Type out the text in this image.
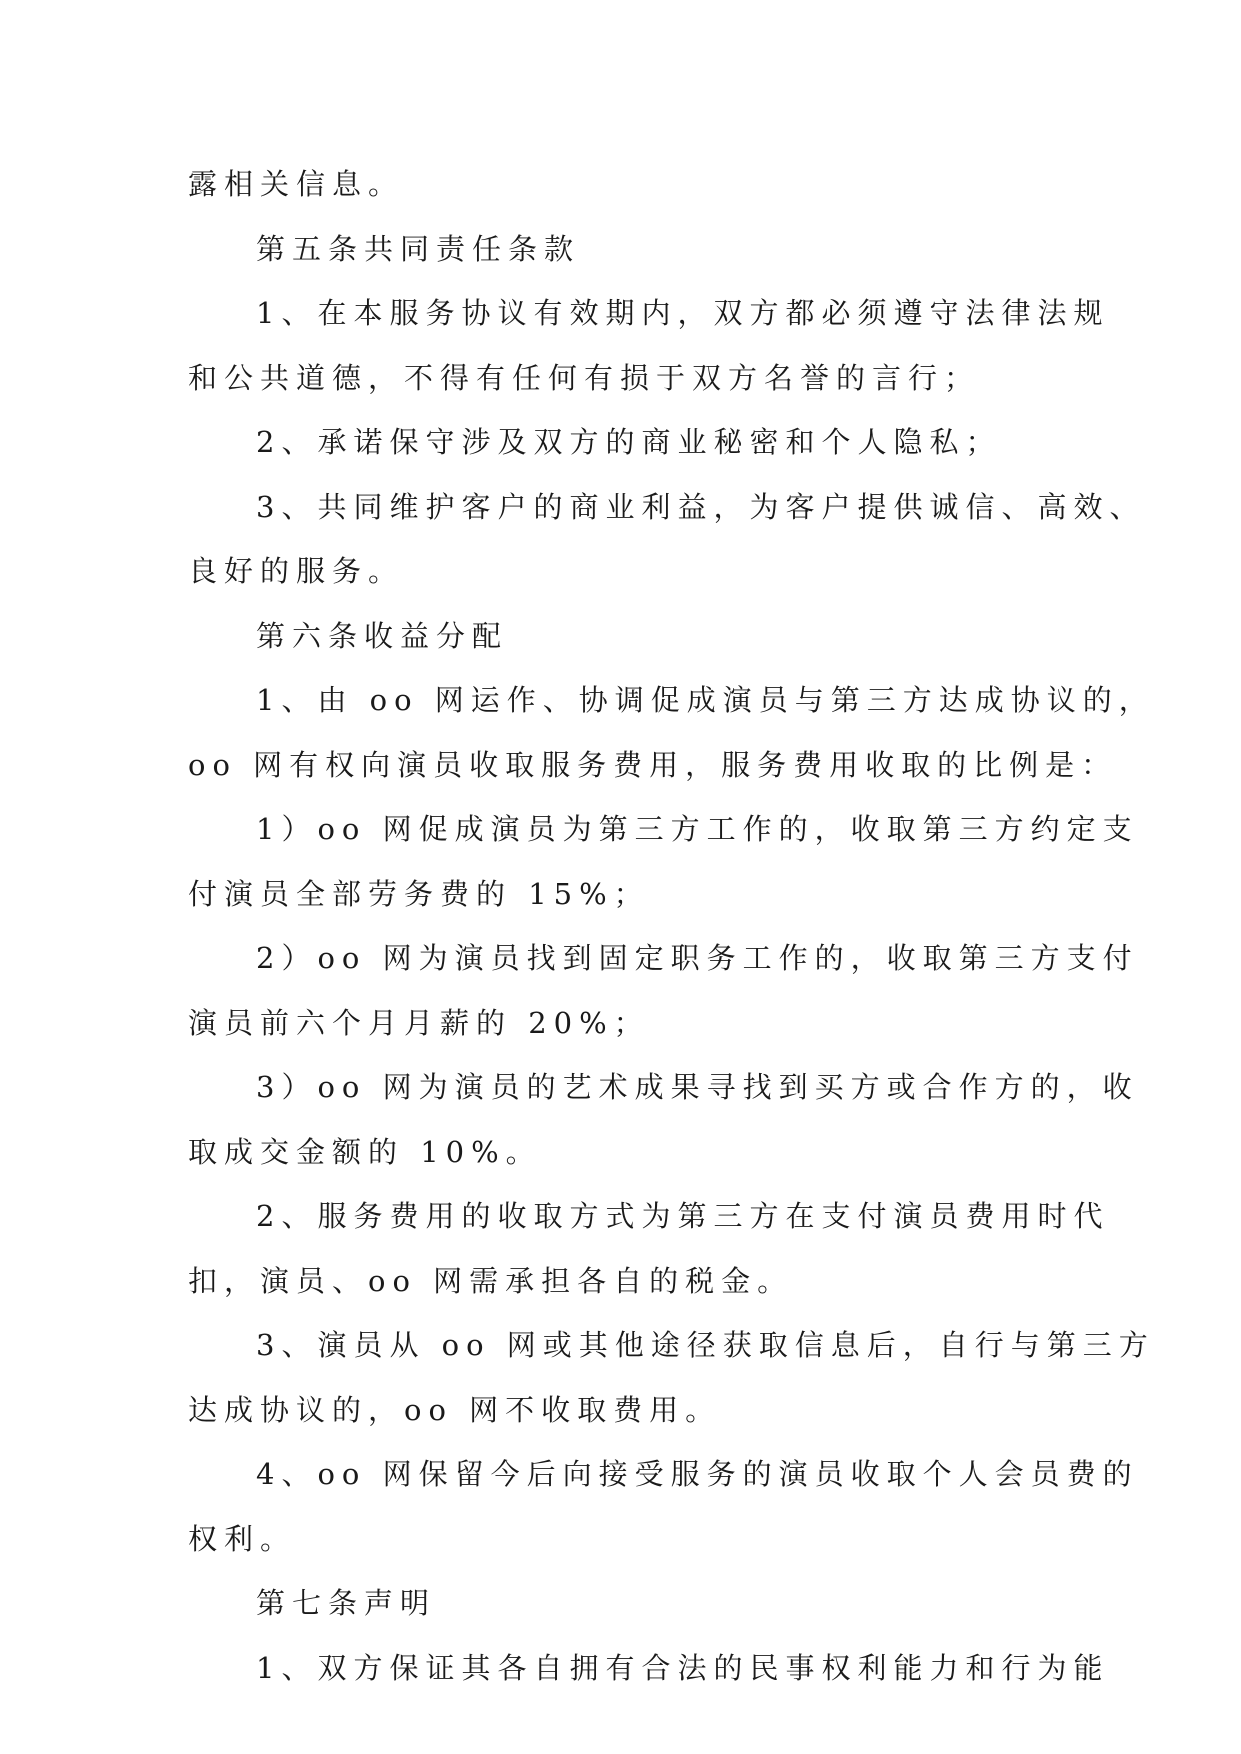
露相关信息。

第五条共同责任条款

1、在本服务协议有效期内，双方都必须遵守法律法规

和公共道德，不得有任何有损于双方名誉的言行；

2、承诺保守涉及双方的商业秘密和个人隐私；

3、共同维护客户的商业利益，为客户提供诚信、高效、

良好的服务。

第六条收益分配

1、由 oo 网运作、协调促成演员与第三方达成协议的，

oo 网有权向演员收取服务费用，服务费用收取的比例是：

1）oo 网促成演员为第三方工作的，收取第三方约定支

付演员全部劳务费的 15%；

2）oo 网为演员找到固定职务工作的，收取第三方支付

演员前六个月月薪的 20%；

3）oo 网为演员的艺术成果寻找到买方或合作方的，收

取成交金额的 10%。

2、服务费用的收取方式为第三方在支付演员费用时代

扣，演员、oo 网需承担各自的税金。

3、演员从 oo 网或其他途径获取信息后，自行与第三方

达成协议的，oo 网不收取费用。

4、oo 网保留今后向接受服务的演员收取个人会员费的

权利。

第七条声明

1、双方保证其各自拥有合法的民事权利能力和行为能
